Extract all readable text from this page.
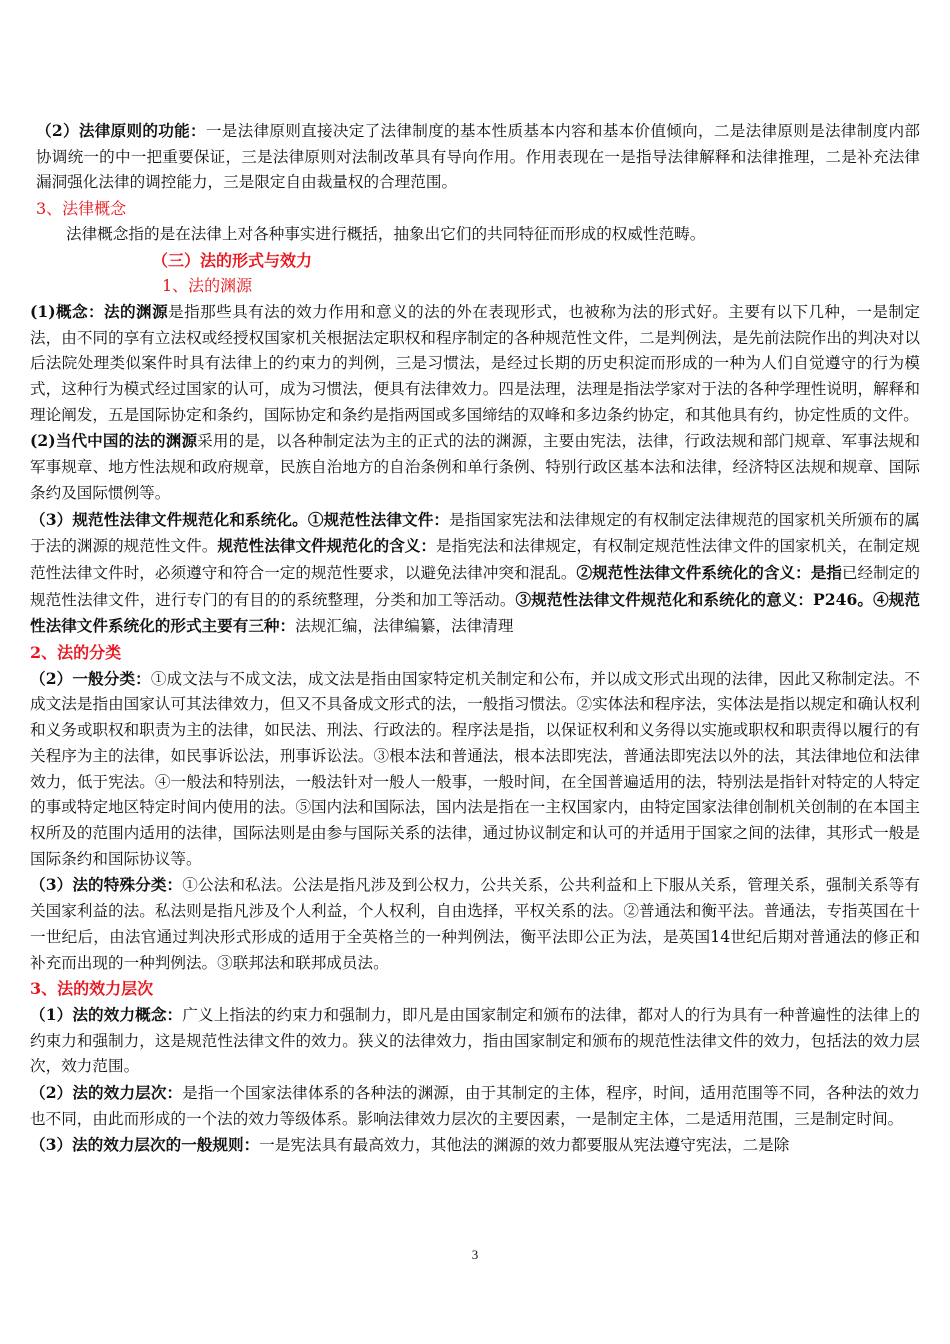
（2）法律原则的功能：一是法律原则直接决定了法律制度的基本性质基本内容和基本价值倾向，二是法律原则是法律制度内部协调统一的中一把重要保证，三是法律原则对法制改革具有导向作用。作用表现在一是指导法律解释和法律推理，二是补充法律漏洞强化法律的调控能力，三是限定自由裁量权的合理范围。

3、法律概念

法律概念指的是在法律上对各种事实进行概括，抽象出它们的共同特征而形成的权威性范畴。

（三）法的形式与效力

1、法的渊源

(1)概念：法的渊源是指那些具有法的效力作用和意义的法的外在表现形式，也被称为法的形式好。主要有以下几种，一是制定法，由不同的享有立法权或经授权国家机关根据法定职权和程序制定的各种规范性文件，二是判例法，是先前法院作出的判决对以后法院处理类似案件时具有法律上的约束力的判例，三是习惯法，是经过长期的历史积淀而形成的一种为人们自觉遵守的行为模式，这种行为模式经过国家的认可，成为习惯法，便具有法律效力。四是法理，法理是指法学家对于法的各种学理性说明，解释和理论阐发，五是国际协定和条约，国际协定和条约是指两国或多国缔结的双峰和多边条约协定，和其他具有约，协定性质的文件。

(2)当代中国的法的渊源采用的是，以各种制定法为主的正式的法的渊源，主要由宪法，法律，行政法规和部门规章、军事法规和军事规章、地方性法规和政府规章，民族自治地方的自治条例和单行条例、特别行政区基本法和法律，经济特区法规和规章、国际条约及国际惯例等。

（3）规范性法律文件规范化和系统化。①规范性法律文件：是指国家宪法和法律规定的有权制定法律规范的国家机关所颁布的属于法的渊源的规范性文件。规范性法律文件规范化的含义：是指宪法和法律规定，有权制定规范性法律文件的国家机关，在制定规范性法律文件时，必须遵守和符合一定的规范性要求，以避免法律冲突和混乱。②规范性法律文件系统化的含义：是指已经制定的规范性法律文件，进行专门的有目的的系统整理，分类和加工等活动。③规范性法律文件规范化和系统化的意义：P246。④规范性法律文件系统化的形式主要有三种：法规汇编，法律编纂，法律清理

2、法的分类

（2）一般分类：①成文法与不成文法，成文法是指由国家特定机关制定和公布，并以成文形式出现的法律，因此又称制定法。不成文法是指由国家认可其法律效力，但又不具备成文形式的法，一般指习惯法。②实体法和程序法，实体法是指以规定和确认权利和义务或职权和职责为主的法律，如民法、刑法、行政法的。程序法是指，以保证权利和义务得以实施或职权和职责得以履行的有关程序为主的法律，如民事诉讼法，刑事诉讼法。③根本法和普通法，根本法即宪法，普通法即宪法以外的法，其法律地位和法律效力，低于宪法。④一般法和特别法，一般法针对一般人一般事，一般时间，在全国普遍适用的法，特别法是指针对特定的人特定的事或特定地区特定时间内使用的法。⑤国内法和国际法，国内法是指在一主权国家内，由特定国家法律创制机关创制的在本国主权所及的范围内适用的法律，国际法则是由参与国际关系的法律，通过协议制定和认可的并适用于国家之间的法律，其形式一般是国际条约和国际协议等。

（3）法的特殊分类：①公法和私法。公法是指凡涉及到公权力，公共关系，公共利益和上下服从关系，管理关系，强制关系等有关国家利益的法。私法则是指凡涉及个人利益，个人权利，自由选择，平权关系的法。②普通法和衡平法。普通法，专指英国在十一世纪后，由法官通过判决形式形成的适用于全英格兰的一种判例法，衡平法即公正为法，是英国14世纪后期对普通法的修正和补充而出现的一种判例法。③联邦法和联邦成员法。

3、法的效力层次

（1）法的效力概念：广义上指法的约束力和强制力，即凡是由国家制定和颁布的法律，都对人的行为具有一种普遍性的法律上的约束力和强制力，这是规范性法律文件的效力。狭义的法律效力，指由国家制定和颁布的规范性法律文件的效力，包括法的效力层次，效力范围。

（2）法的效力层次：是指一个国家法律体系的各种法的渊源，由于其制定的主体，程序，时间，适用范围等不同，各种法的效力也不同，由此而形成的一个法的效力等级体系。影响法律效力层次的主要因素，一是制定主体，二是适用范围，三是制定时间。

（3）法的效力层次的一般规则：一是宪法具有最高效力，其他法的渊源的效力都要服从宪法遵守宪法，二是除

3
